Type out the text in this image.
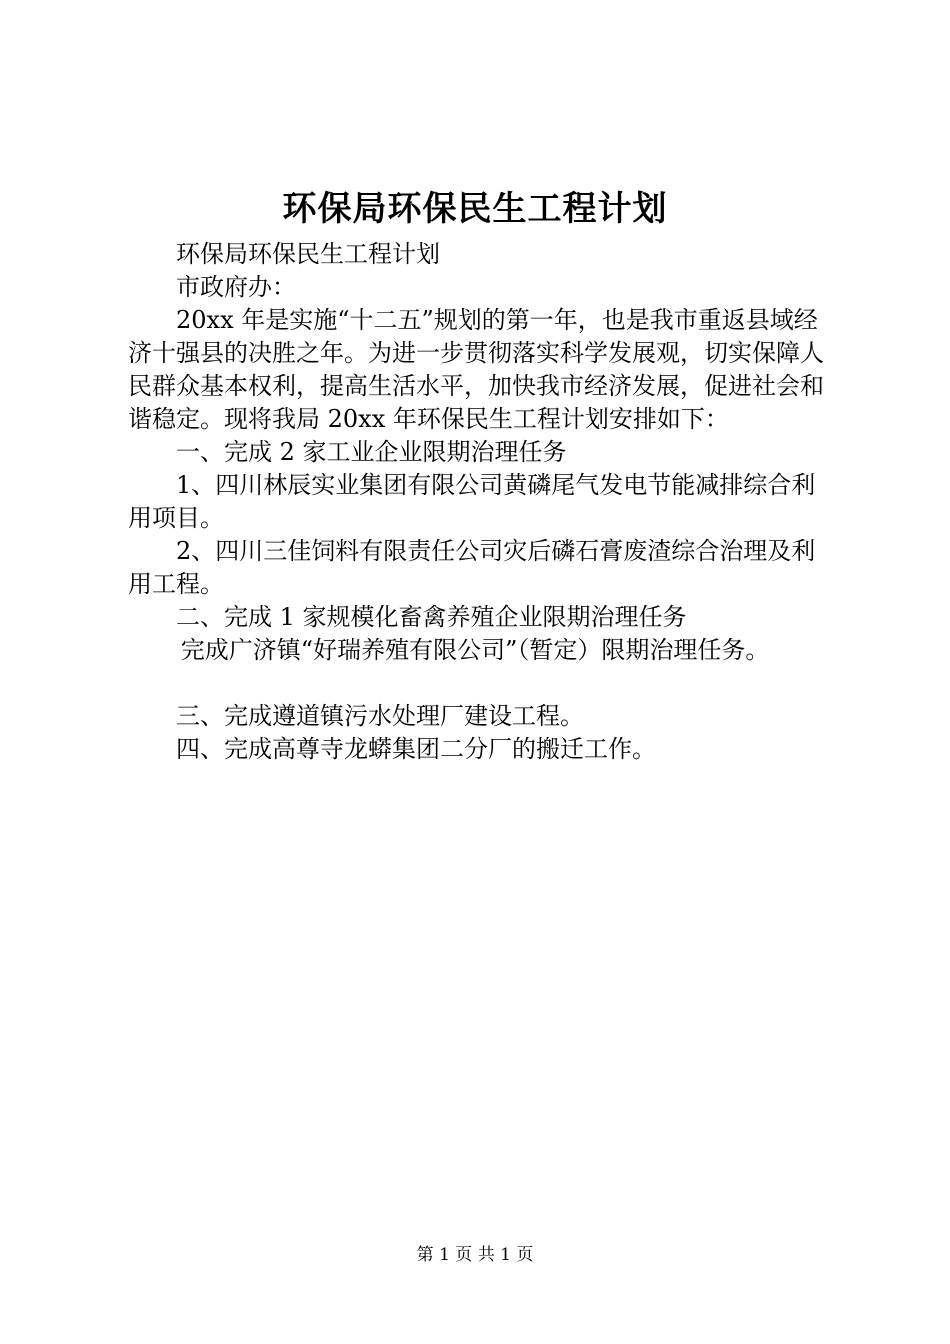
环保局环保民生工程计划

环保局环保民生工程计划

市政府办：

20xx 年是实施“十二五”规划的第一年，也是我市重返县域经济十强县的决胜之年。为进一步贯彻落实科学发展观，切实保障人民群众基本权利，提高生活水平，加快我市经济发展，促进社会和谐稳定。现将我局 20xx 年环保民生工程计划安排如下：

一、完成 2 家工业企业限期治理任务

1、四川林辰实业集团有限公司黄磷尾气发电节能减排综合利用项目。

2、四川三佳饲料有限责任公司灾后磷石膏废渣综合治理及利用工程。

二、完成 1 家规模化畜禽养殖企业限期治理任务

完成广济镇“好瑞养殖有限公司”（暂定）限期治理任务。

三、完成遵道镇污水处理厂建设工程。

四、完成高尊寺龙蟒集团二分厂的搬迁工作。

第 1 页 共 1 页
